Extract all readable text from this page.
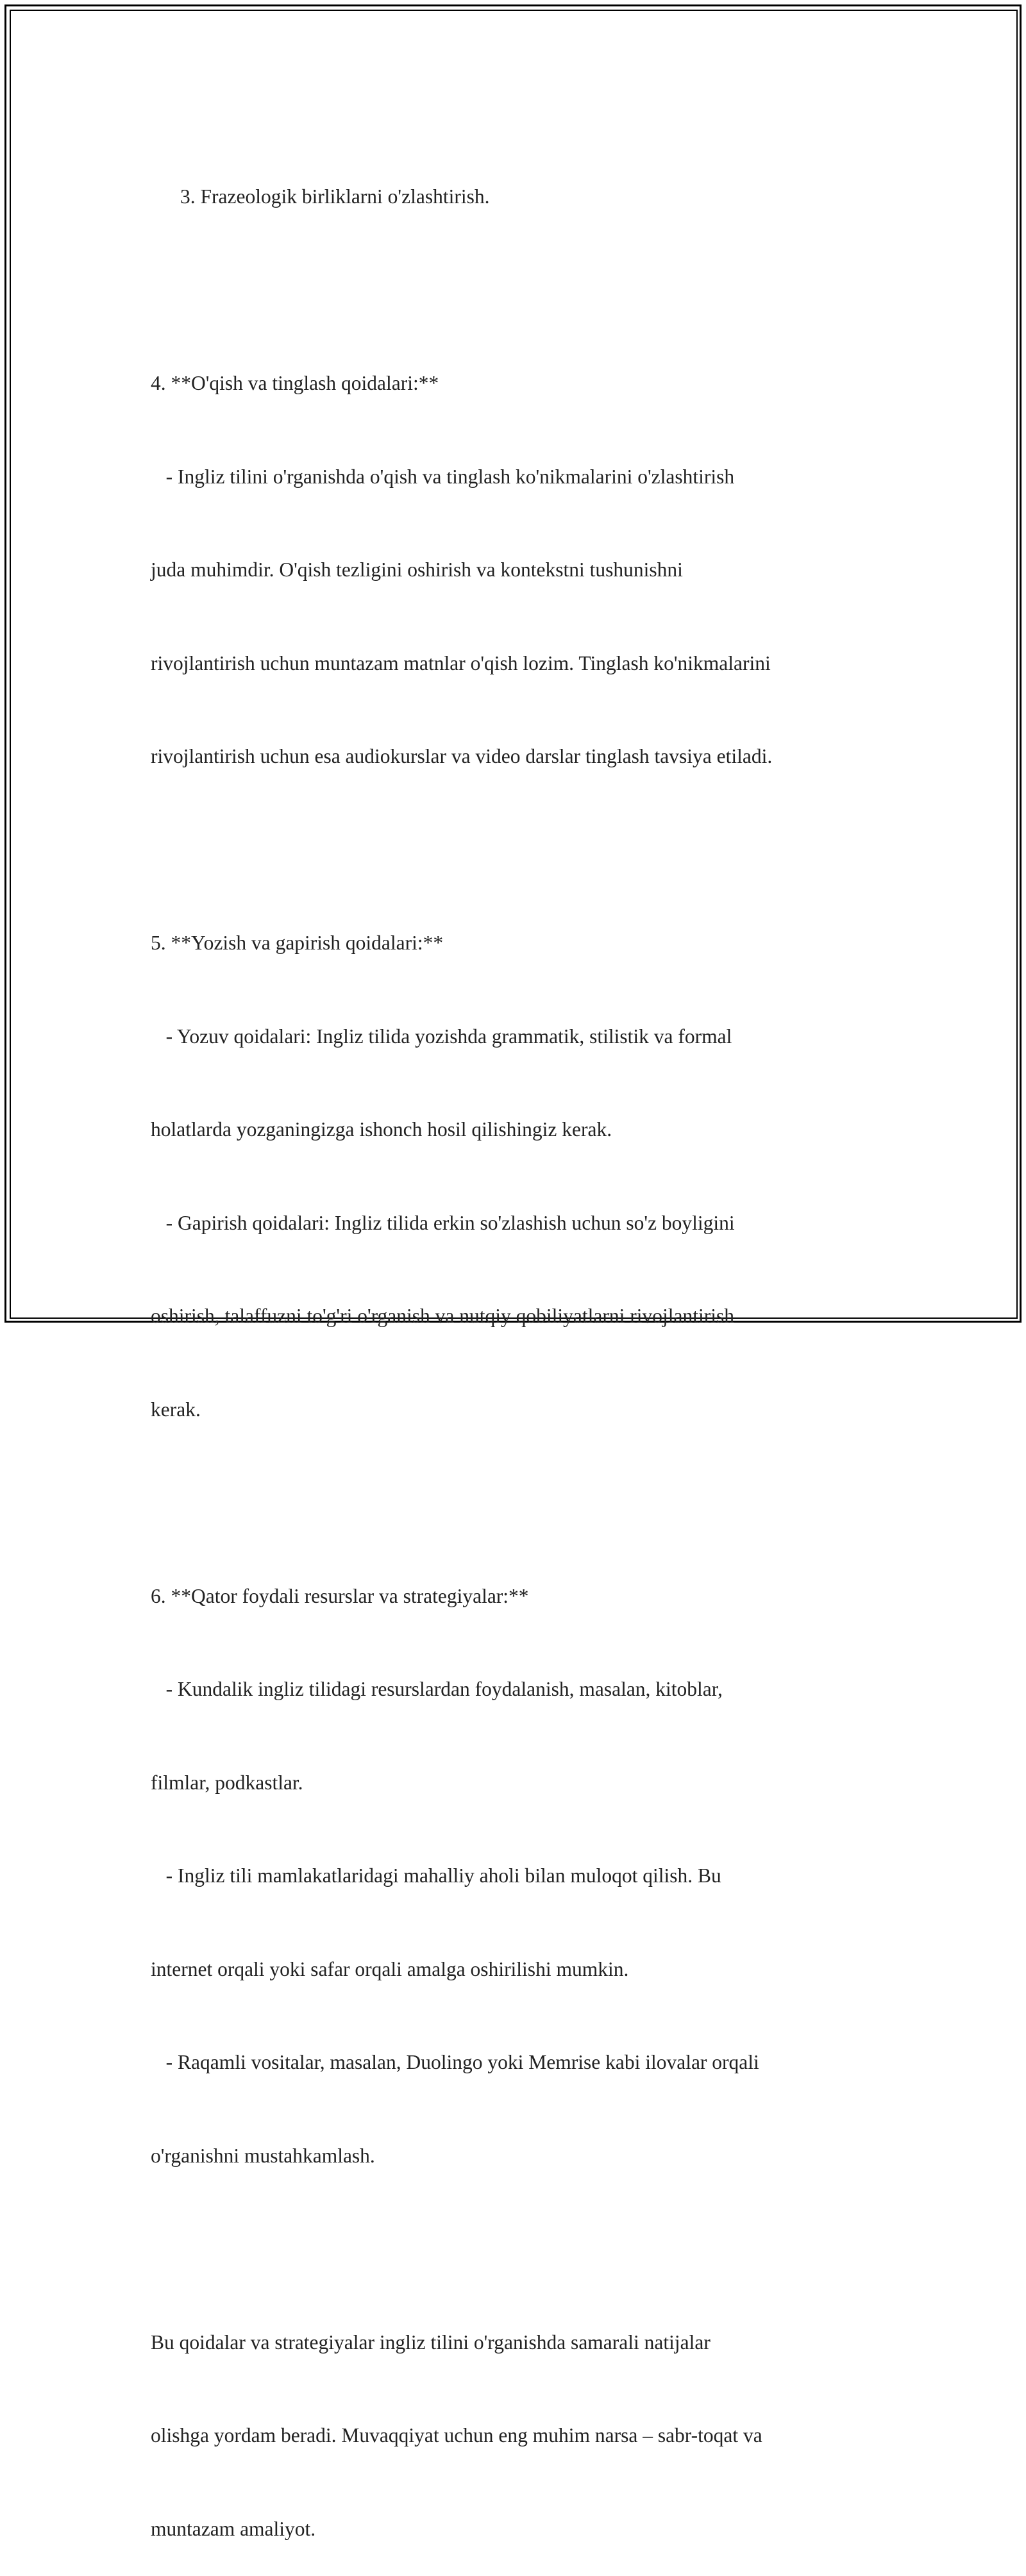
3. Frazeologik birliklarni o'zlashtirish.

4. **O'qish va tinglash qoidalari:**

- Ingliz tilini o'rganishda o'qish va tinglash ko'nikmalarini o'zlashtirish

juda muhimdir. O'qish tezligini oshirish va kontekstni tushunishni

rivojlantirish uchun muntazam matnlar o'qish lozim. Tinglash ko'nikmalarini

rivojlantirish uchun esa audiokurslar va video darslar tinglash tavsiya etiladi.

5. **Yozish va gapirish qoidalari:**

- Yozuv qoidalari: Ingliz tilida yozishda grammatik, stilistik va formal

holatlarda yozganingizga ishonch hosil qilishingiz kerak.

- Gapirish qoidalari: Ingliz tilida erkin so'zlashish uchun so'z boyligini

oshirish, talaffuzni to'g'ri o'rganish va nutqiy qobiliyatlarni rivojlantirish

kerak.

6. **Qator foydali resurslar va strategiyalar:**

- Kundalik ingliz tilidagi resurslardan foydalanish, masalan, kitoblar,

filmlar, podkastlar.

- Ingliz tili mamlakatlaridagi mahalliy aholi bilan muloqot qilish. Bu

internet orqali yoki safar orqali amalga oshirilishi mumkin.

- Raqamli vositalar, masalan, Duolingo yoki Memrise kabi ilovalar orqali

o'rganishni mustahkamlash.

Bu qoidalar va strategiyalar ingliz tilini o'rganishda samarali natijalar

olishga yordam beradi. Muvaqqiyat uchun eng muhim narsa – sabr-toqat va

muntazam amaliyot.
